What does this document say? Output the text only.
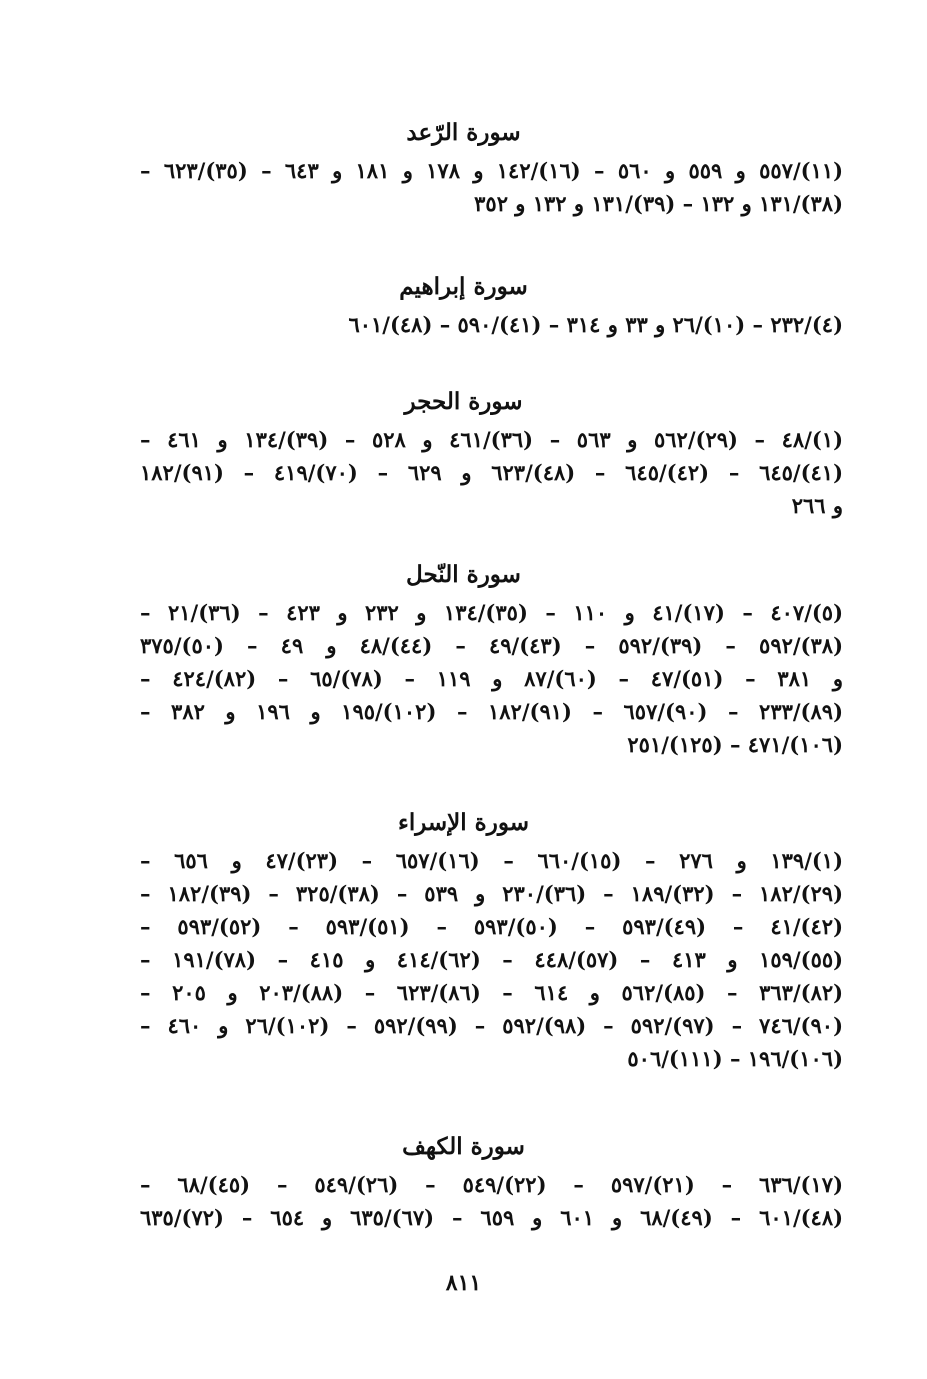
سورة الرّعد
(١١)/٥٥٧ و ٥٥٩ و ٥٦٠ – (١٦)/١٤٢ و ١٧٨ و ١٨١ و ٦٤٣ – (٣٥)/٦٢٣ –
(٣٨)/١٣١ و ١٣٢ – (٣٩)/١٣١ و ١٣٢ و ٣٥٢
سورة إبراهيم
(٤)/٢٣٢ – (١٠)/٢٦ و ٣٣ و ٣١٤ – (٤١)/٥٩٠ – (٤٨)/٦٠١
سورة الحجر
(١)/٤٨ – (٢٩)/٥٦٢ و ٥٦٣ – (٣٦)/٤٦١ و ٥٢٨ – (٣٩)/١٣٤ و ٤٦١ –
(٤١)/٦٤٥ – (٤٢)/٦٤٥ – (٤٨)/٦٢٣ و ٦٢٩ – (٧٠)/٤١٩ – (٩١)/١٨٢
و ٢٦٦
سورة النّحل
(٥)/٤٠٧ – (١٧)/٤١ و ١١٠ – (٣٥)/١٣٤ و ٢٣٢ و ٤٢٣ – (٣٦)/٢١ –
(٣٨)/٥٩٢ – (٣٩)/٥٩٢ – (٤٣)/٤٩ – (٤٤)/٤٨ و ٤٩ – (٥٠)/٣٧٥
و ٣٨١ – (٥١)/٤٧ – (٦٠)/٨٧ و ١١٩ – (٧٨)/٦٥ – (٨٢)/٤٢٤ –
(٨٩)/٢٣٣ – (٩٠)/٦٥٧ – (٩١)/١٨٢ – (١٠٢)/١٩٥ و ١٩٦ و ٣٨٢ –
(١٠٦)/٤٧١ – (١٢٥)/٢٥١
سورة الإسراء
(١)/١٣٩ و ٢٧٦ – (١٥)/٦٦٠ – (١٦)/٦٥٧ – (٢٣)/٤٧ و ٦٥٦ –
(٢٩)/١٨٢ – (٣٢)/١٨٩ – (٣٦)/٢٣٠ و ٥٣٩ – (٣٨)/٣٢٥ – (٣٩)/١٨٢ –
(٤٢)/٤١ – (٤٩)/٥٩٣ – (٥٠)/٥٩٣ – (٥١)/٥٩٣ – (٥٢)/٥٩٣ –
(٥٥)/١٥٩ و ٤١٣ – (٥٧)/٤٤٨ – (٦٢)/٤١٤ و ٤١٥ – (٧٨)/١٩١ –
(٨٢)/٣٦٣ – (٨٥)/٥٦٢ و ٦١٤ – (٨٦)/٦٢٣ – (٨٨)/٢٠٣ و ٢٠٥ –
(٩٠)/٧٤٦ – (٩٧)/٥٩٢ – (٩٨)/٥٩٢ – (٩٩)/٥٩٢ – (١٠٢)/٢٦ و ٤٦٠ –
(١٠٦)/١٩٦ – (١١١)/٥٠٦
سورة الكهف
(١٧)/٦٣٦ – (٢١)/٥٩٧ – (٢٢)/٥٤٩ – (٢٦)/٥٤٩ – (٤٥)/٦٨ –
(٤٨)/٦٠١ – (٤٩)/٦٨ و ٦٠١ و ٦٥٩ – (٦٧)/٦٣٥ و ٦٥٤ – (٧٢)/٦٣٥
٨١١
